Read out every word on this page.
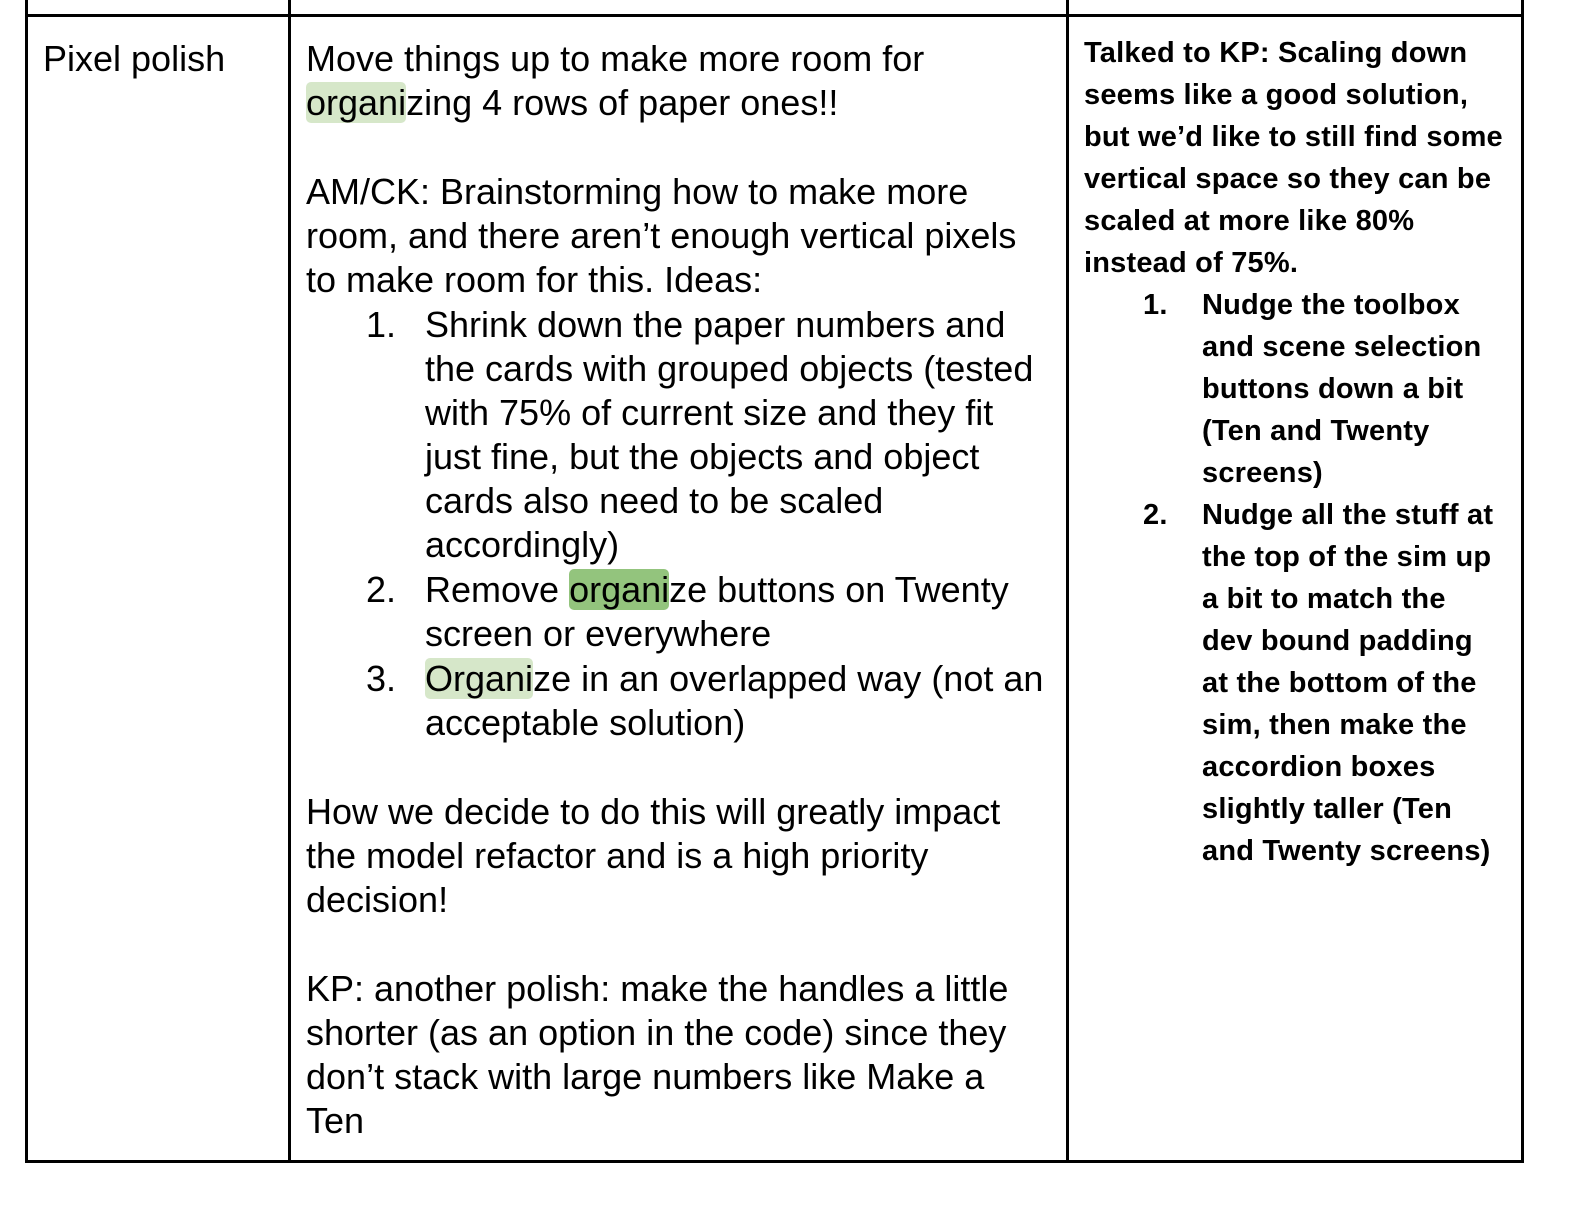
Pixel polish Move things up to make more room for
organizing 4 rows of paper ones!!
AM/CK: Brainstorming how to make more
room, and there aren’t enough vertical pixels
to make room for this. Ideas:
1. Shrink down the paper numbers and
the cards with grouped objects (tested
with 75% of current size and they fit
just fine, but the objects and object
cards also need to be scaled
accordingly)
2. Remove organize buttons on Twenty
screen or everywhere
3. Organize in an overlapped way (not an
acceptable solution)
How we decide to do this will greatly impact
the model refactor and is a high priority
decision!
KP: another polish: make the handles a little
shorter (as an option in the code) since they
don’t stack with large numbers like Make a
Ten
Talked to KP: Scaling down
seems like a good solution,
but we’d like to still find some
vertical space so they can be
scaled at more like 80%
instead of 75%.
1. Nudge the toolbox
and scene selection
buttons down a bit
(Ten and Twenty
screens)
2. Nudge all the stuff at
the top of the sim up
a bit to match the
dev bound padding
at the bottom of the
sim, then make the
accordion boxes
slightly taller (Ten
and Twenty screens)
